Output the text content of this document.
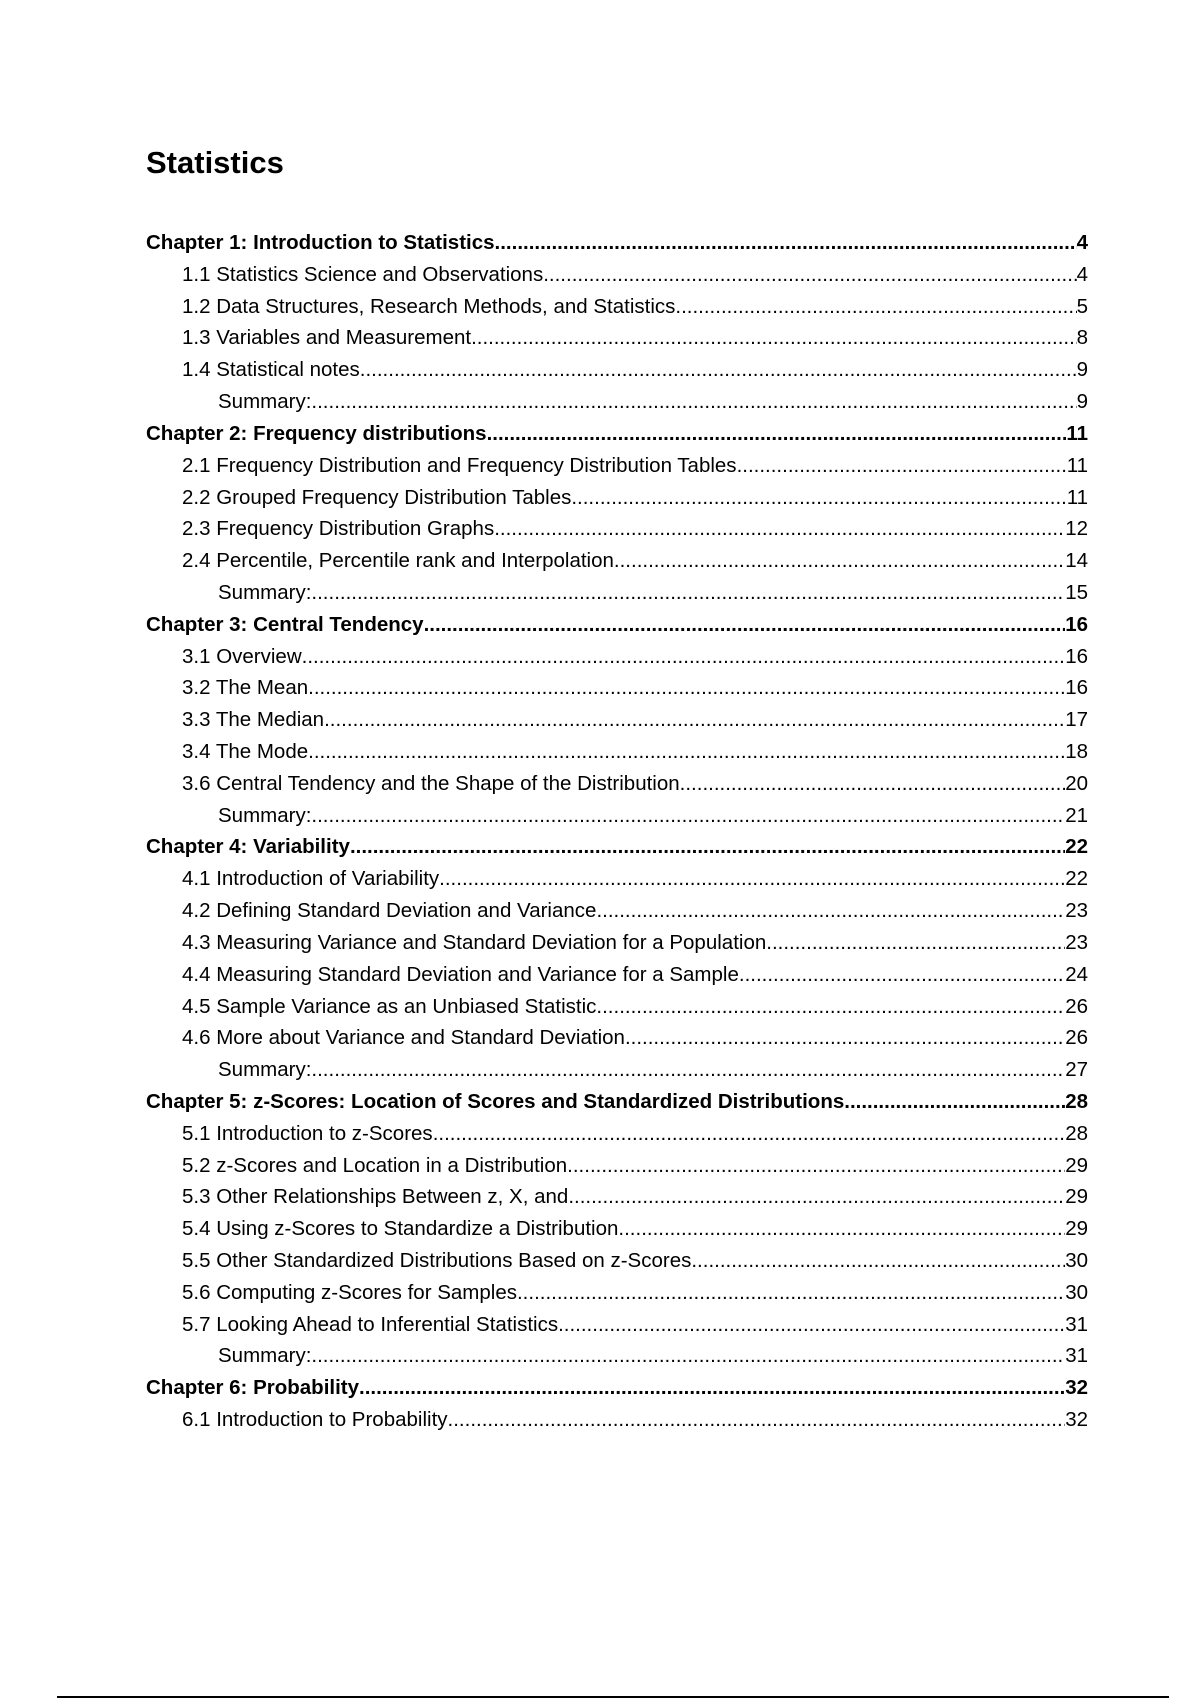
Statistics
Chapter 1: Introduction to Statistics .....	4
1.1 Statistics Science and Observations .....	4
1.2 Data Structures, Research Methods, and Statistics .....	5
1.3 Variables and Measurement .....	8
1.4 Statistical notes .....	9
Summary: .....	9
Chapter 2: Frequency distributions .....	11
2.1 Frequency Distribution and Frequency Distribution Tables .....	11
2.2 Grouped Frequency Distribution Tables .....	11
2.3 Frequency Distribution Graphs .....	12
2.4 Percentile, Percentile rank and Interpolation .....	14
Summary: .....	15
Chapter 3: Central Tendency .....	16
3.1 Overview .....	16
3.2 The Mean .....	16
3.3 The Median .....	17
3.4 The Mode .....	18
3.6 Central Tendency and the Shape of the Distribution .....	20
Summary: .....	21
Chapter 4: Variability .....	22
4.1 Introduction of Variability .....	22
4.2 Defining Standard Deviation and Variance .....	23
4.3 Measuring Variance and Standard Deviation for a Population .....	23
4.4 Measuring Standard Deviation and Variance for a Sample .....	24
4.5 Sample Variance as an Unbiased Statistic .....	26
4.6 More about Variance and Standard Deviation .....	26
Summary: .....	27
Chapter 5: z-Scores: Location of Scores and Standardized Distributions .....	28
5.1 Introduction to z-Scores .....	28
5.2 z-Scores and Location in a Distribution .....	29
5.3 Other Relationships Between z, X, and .....	29
5.4 Using z-Scores to Standardize a Distribution .....	29
5.5 Other Standardized Distributions Based on z-Scores .....	30
5.6 Computing z-Scores for Samples .....	30
5.7 Looking Ahead to Inferential Statistics .....	31
Summary: .....	31
Chapter 6: Probability .....	32
6.1 Introduction to Probability .....	32
